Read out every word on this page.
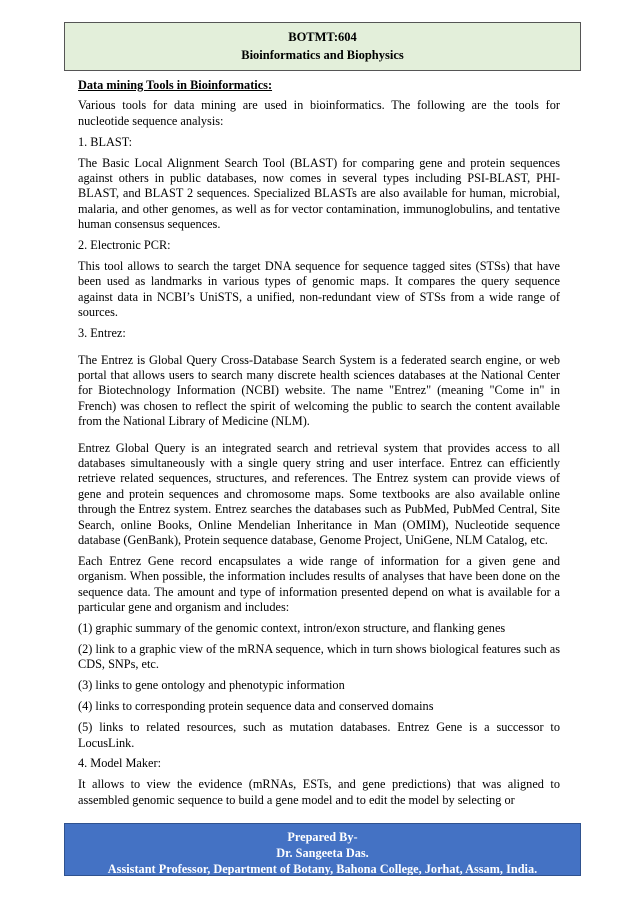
BOTMT:604
Bioinformatics and Biophysics

Data mining Tools in Bioinformatics:

Various tools for data mining are used in bioinformatics. The following are the tools for nucleotide sequence analysis:

1. BLAST:

The Basic Local Alignment Search Tool (BLAST) for comparing gene and protein sequences against others in public databases, now comes in several types including PSI-BLAST, PHI-BLAST, and BLAST 2 sequences. Specialized BLASTs are also available for human, microbial, malaria, and other genomes, as well as for vector contamination, immunoglobulins, and tentative human consensus sequences.

2. Electronic PCR:

This tool allows to search the target DNA sequence for sequence tagged sites (STSs) that have been used as landmarks in various types of genomic maps. It compares the query sequence against data in NCBI’s UniSTS, a unified, non-redundant view of STSs from a wide range of sources.

3. Entrez:

The Entrez is Global Query Cross-Database Search System is a federated search engine, or web portal that allows users to search many discrete health sciences databases at the National Center for Biotechnology Information (NCBI) website. The name "Entrez" (meaning "Come in" in French) was chosen to reflect the spirit of welcoming the public to search the content available from the National Library of Medicine (NLM).

Entrez Global Query is an integrated search and retrieval system that provides access to all databases simultaneously with a single query string and user interface. Entrez can efficiently retrieve related sequences, structures, and references. The Entrez system can provide views of gene and protein sequences and chromosome maps. Some textbooks are also available online through the Entrez system. Entrez searches the databases such as PubMed, PubMed Central, Site Search, online Books, Online Mendelian Inheritance in Man (OMIM), Nucleotide sequence database (GenBank), Protein sequence database, Genome Project, UniGene, NLM Catalog, etc.

Each Entrez Gene record encapsulates a wide range of information for a given gene and organism. When possible, the information includes results of analyses that have been done on the sequence data. The amount and type of information presented depend on what is available for a particular gene and organism and includes:

(1) graphic summary of the genomic context, intron/exon structure, and flanking genes

(2) link to a graphic view of the mRNA sequence, which in turn shows biological features such as CDS, SNPs, etc.

(3) links to gene ontology and phenotypic information

(4) links to corresponding protein sequence data and conserved domains

(5) links to related resources, such as mutation databases. Entrez Gene is a successor to LocusLink.

4. Model Maker:

It allows to view the evidence (mRNAs, ESTs, and gene predictions) that was aligned to assembled genomic sequence to build a gene model and to edit the model by selecting or

Prepared By-
Dr. Sangeeta Das.
Assistant Professor, Department of Botany, Bahona College, Jorhat, Assam, India.
